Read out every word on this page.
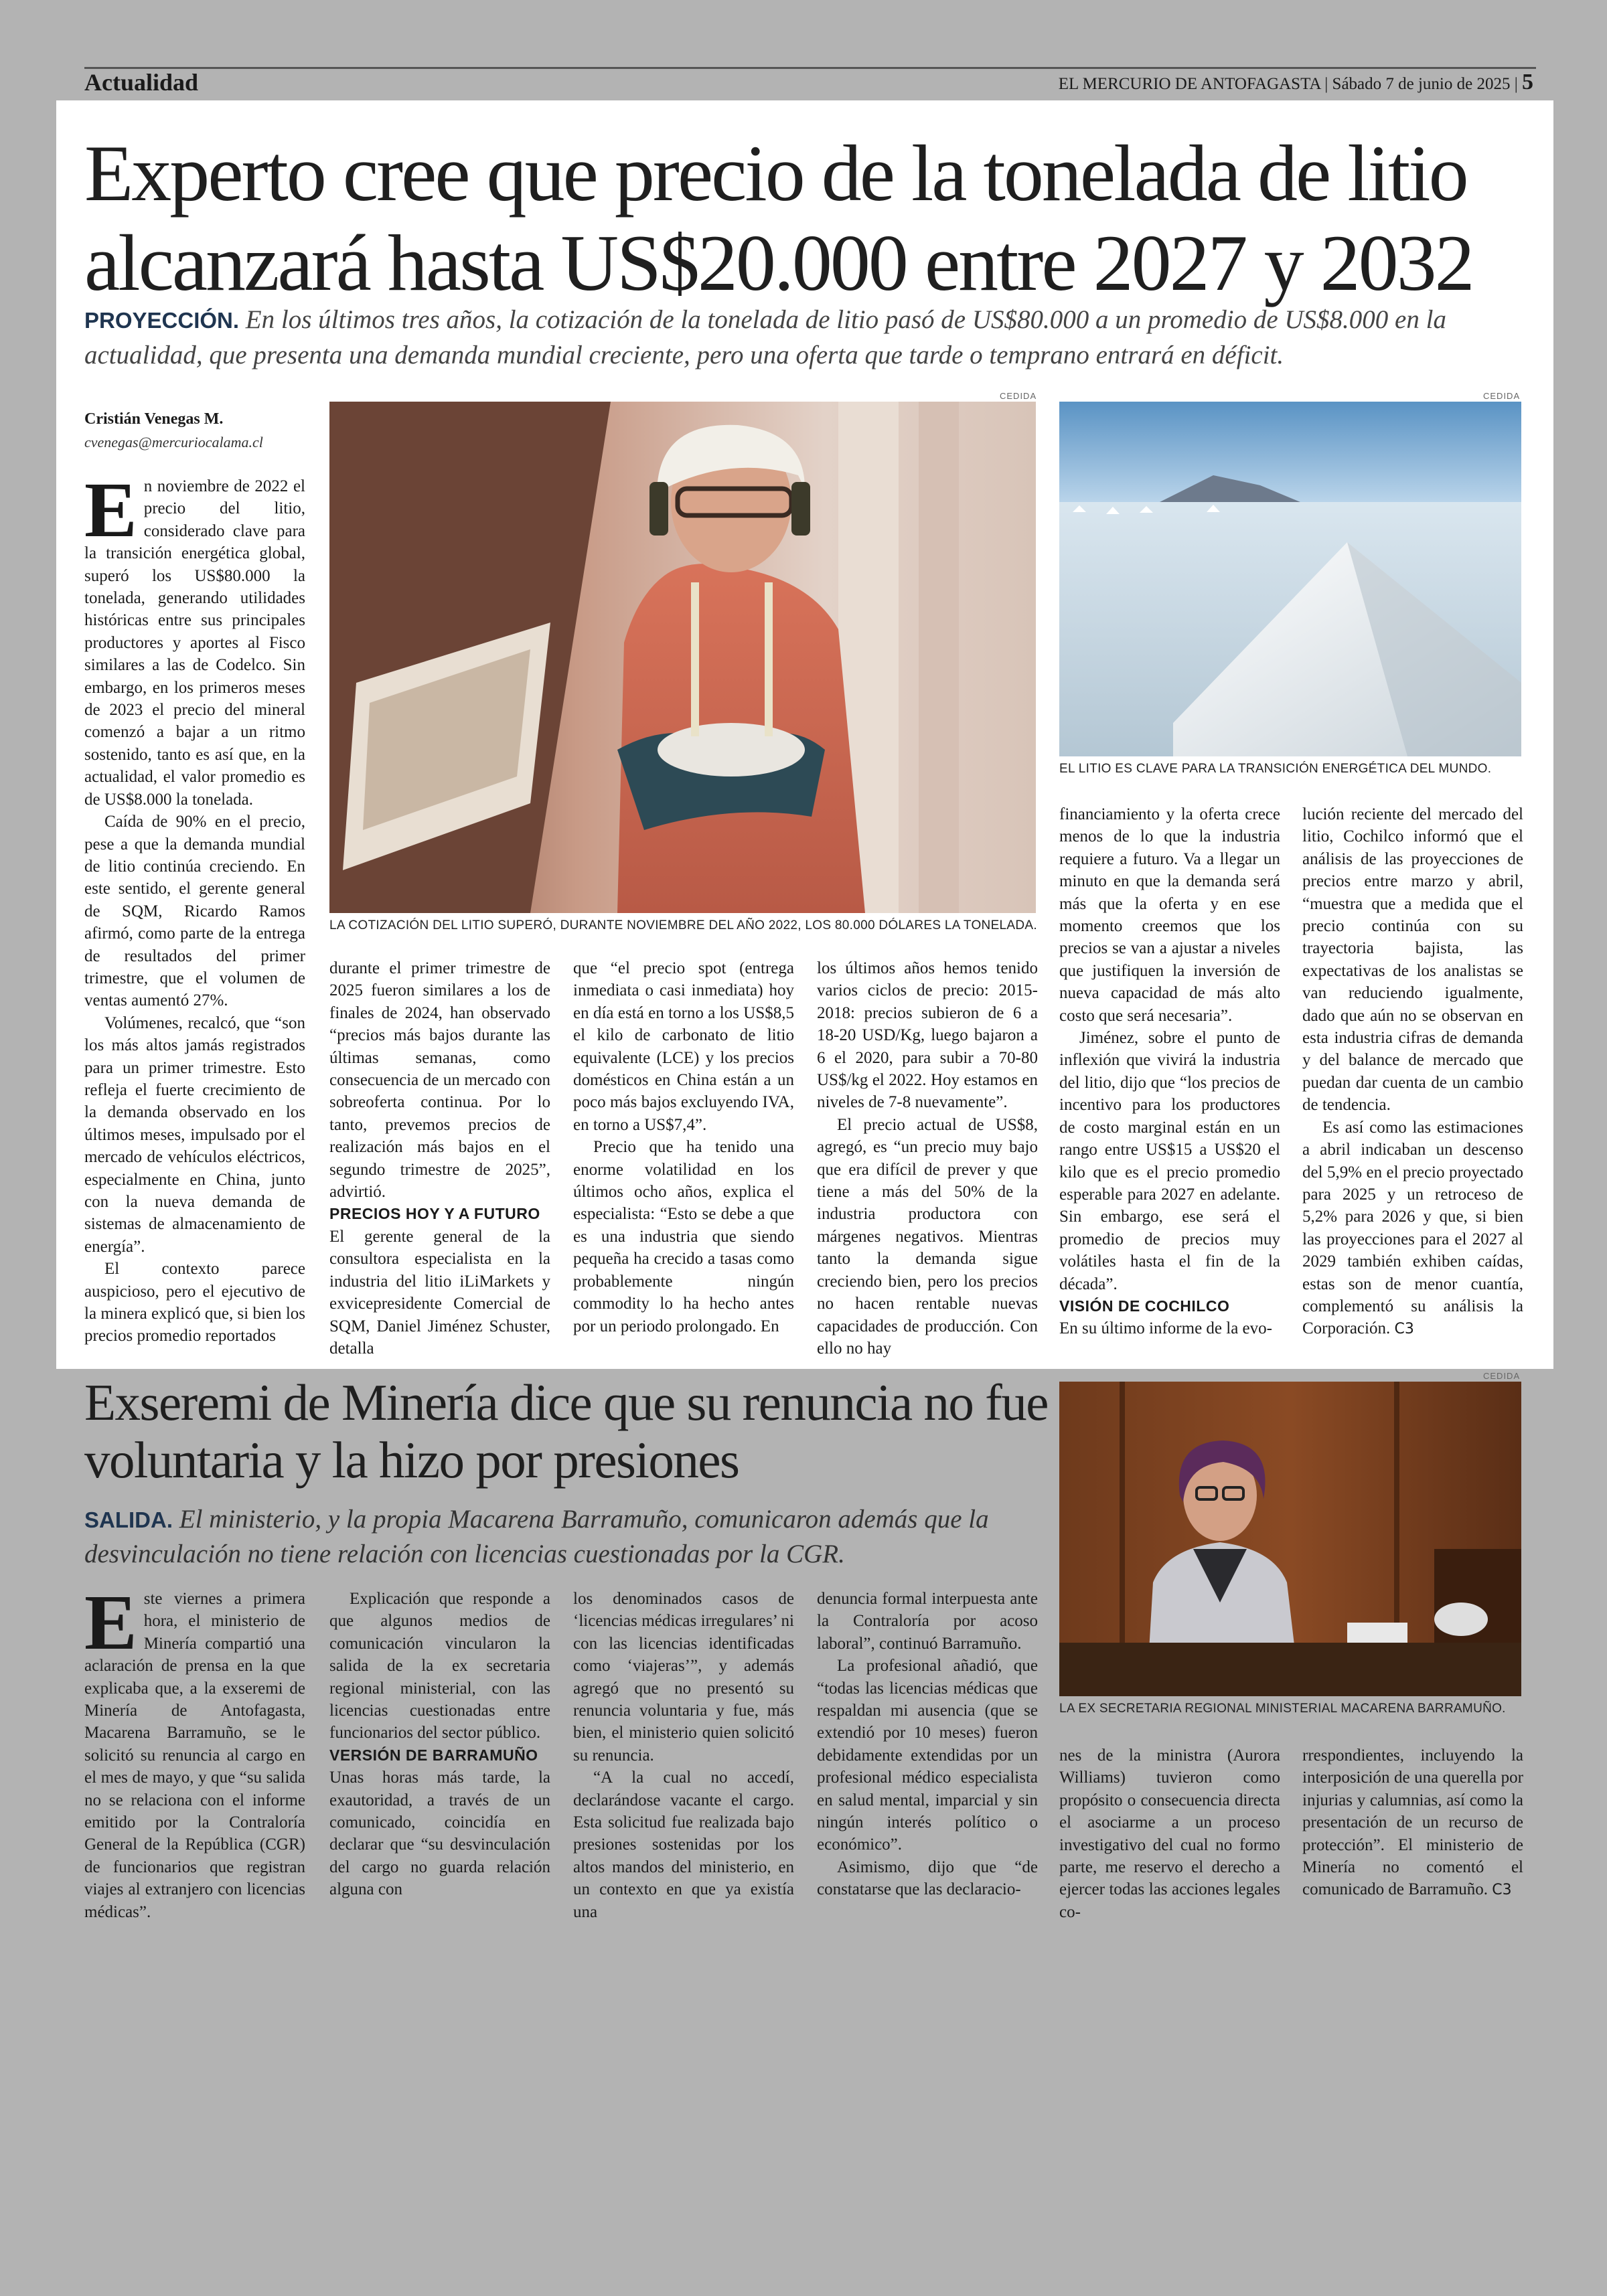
Actualidad	EL MERCURIO DE ANTOFAGASTA | Sábado 7 de junio de 2025 | 5
Experto cree que precio de la tonelada de litio alcanzará hasta US$20.000 entre 2027 y 2032
PROYECCIÓN. En los últimos tres años, la cotización de la tonelada de litio pasó de US$80.000 a un promedio de US$8.000 en la actualidad, que presenta una demanda mundial creciente, pero una oferta que tarde o temprano entrará en déficit.
Cristián Venegas M.
cvenegas@mercuriocalama.cl
CEDIDA
LA COTIZACIÓN DEL LITIO SUPERÓ, DURANTE NOVIEMBRE DEL AÑO 2022, LOS 80.000 DÓLARES LA TONELADA.
CEDIDA
EL LITIO ES CLAVE PARA LA TRANSICIÓN ENERGÉTICA DEL MUNDO.

En noviembre de 2022 el precio del litio, considerado clave para la transición energética global, superó los US$80.000 la tonelada, generando utilidades históricas entre sus principales productores y aportes al Fisco similares a las de Codelco. Sin embargo, en los primeros meses de 2023 el precio del mineral comenzó a bajar a un ritmo sostenido, tanto es así que, en la actualidad, el valor promedio es de US$8.000 la tonelada.

Caída de 90% en el precio, pese a que la demanda mundial de litio continúa creciendo. En este sentido, el gerente general de SQM, Ricardo Ramos afirmó, como parte de la entrega de resultados del primer trimestre, que el volumen de ventas aumentó 27%.

Volúmenes, recalcó, que “son los más altos jamás registrados para un primer trimestre. Esto refleja el fuerte crecimiento de la demanda observado en los últimos meses, impulsado por el mercado de vehículos eléctricos, especialmente en China, junto con la nueva demanda de sistemas de almacenamiento de energía”.

El contexto parece auspicioso, pero el ejecutivo de la minera explicó que, si bien los precios promedio reportados

durante el primer trimestre de 2025 fueron similares a los de finales de 2024, han observado “precios más bajos durante las últimas semanas, como consecuencia de un mercado con sobreoferta continua. Por lo tanto, prevemos precios de realización más bajos en el segundo trimestre de 2025”, advirtió.

PRECIOS HOY Y A FUTURO

El gerente general de la consultora especialista en la industria del litio iLiMarkets y exvicepresidente Comercial de SQM, Daniel Jiménez Schuster, detalla

que “el precio spot (entrega inmediata o casi inmediata) hoy en día está en torno a los US$8,5 el kilo de carbonato de litio equivalente (LCE) y los precios domésticos en China están a un poco más bajos excluyendo IVA, en torno a US$7,4”.

Precio que ha tenido una enorme volatilidad en los últimos ocho años, explica el especialista: “Esto se debe a que es una industria que siendo pequeña ha crecido a tasas como probablemente ningún commodity lo ha hecho antes por un periodo prolongado. En

los últimos años hemos tenido varios ciclos de precio: 2015-2018: precios subieron de 6 a 18-20 USD/Kg, luego bajaron a 6 el 2020, para subir a 70-80 US$/kg el 2022. Hoy estamos en niveles de 7-8 nuevamente”.

El precio actual de US$8, agregó, es “un precio muy bajo que era difícil de prever y que tiene a más del 50% de la industria productora con márgenes negativos. Mientras tanto la demanda sigue creciendo bien, pero los precios no hacen rentable nuevas capacidades de producción. Con ello no hay

financiamiento y la oferta crece menos de lo que la industria requiere a futuro. Va a llegar un minuto en que la demanda será más que la oferta y en ese momento creemos que los precios se van a ajustar a niveles que justifiquen la inversión de nueva capacidad de más alto costo que será necesaria”.

Jiménez, sobre el punto de inflexión que vivirá la industria del litio, dijo que “los precios de incentivo para los productores de costo marginal están en un rango entre US$15 a US$20 el kilo que es el precio promedio esperable para 2027 en adelante. Sin embargo, ese será el promedio de precios muy volátiles hasta el fin de la década”.

VISIÓN DE COCHILCO

En su último informe de la evo-

lución reciente del mercado del litio, Cochilco informó que el análisis de las proyecciones de precios entre marzo y abril, “muestra que a medida que el precio continúa con su trayectoria bajista, las expectativas de los analistas se van reduciendo igualmente, dado que aún no se observan en esta industria cifras de demanda y del balance de mercado que puedan dar cuenta de un cambio de tendencia.

Es así como las estimaciones a abril indicaban un descenso del 5,9% en el precio proyectado para 2025 y un retroceso de 5,2% para 2026 y que, si bien las proyecciones para el 2027 al 2029 también exhiben caídas, estas son de menor cuantía, complementó su análisis la Corporación. C3

Exseremi de Minería dice que su renuncia no fue voluntaria y la hizo por presiones
SALIDA. El ministerio, y la propia Macarena Barramuño, comunicaron además que la desvinculación no tiene relación con licencias cuestionadas por la CGR.
CEDIDA
LA EX SECRETARIA REGIONAL MINISTERIAL MACARENA BARRAMUÑO.

Este viernes a primera hora, el ministerio de Minería compartió una aclaración de prensa en la que explicaba que, a la exseremi de Minería de Antofagasta, Macarena Barramuño, se le solicitó su renuncia al cargo en el mes de mayo, y que “su salida no se relaciona con el informe emitido por la Contraloría General de la República (CGR) de funcionarios que registran viajes al extranjero con licencias médicas”.

Explicación que responde a que algunos medios de comunicación vincularon la salida de la ex secretaria regional ministerial, con las licencias cuestionadas entre funcionarios del sector público.

VERSIÓN DE BARRAMUÑO

Unas horas más tarde, la exautoridad, a través de un comunicado, coincidía en declarar que “su desvinculación del cargo no guarda relación alguna con

los denominados casos de ‘licencias médicas irregulares’ ni con las licencias identificadas como ‘viajeras’”, y además agregó que no presentó su renuncia voluntaria y fue, más bien, el ministerio quien solicitó su renuncia.

“A la cual no accedí, declarándose vacante el cargo. Esta solicitud fue realizada bajo presiones sostenidas por los altos mandos del ministerio, en un contexto en que ya existía una

denuncia formal interpuesta ante la Contraloría por acoso laboral”, continuó Barramuño.

La profesional añadió, que “todas las licencias médicas que respaldan mi ausencia (que se extendió por 10 meses) fueron debidamente extendidas por un profesional médico especialista en salud mental, imparcial y sin ningún interés político o económico”.

Asimismo, dijo que “de constatarse que las declaracio-

nes de la ministra (Aurora Williams) tuvieron como propósito o consecuencia directa el asociarme a un proceso investigativo del cual no formo parte, me reservo el derecho a ejercer todas las acciones legales co-

rrespondientes, incluyendo la interposición de una querella por injurias y calumnias, así como la presentación de un recurso de protección”. El ministerio de Minería no comentó el comunicado de Barramuño. C3
